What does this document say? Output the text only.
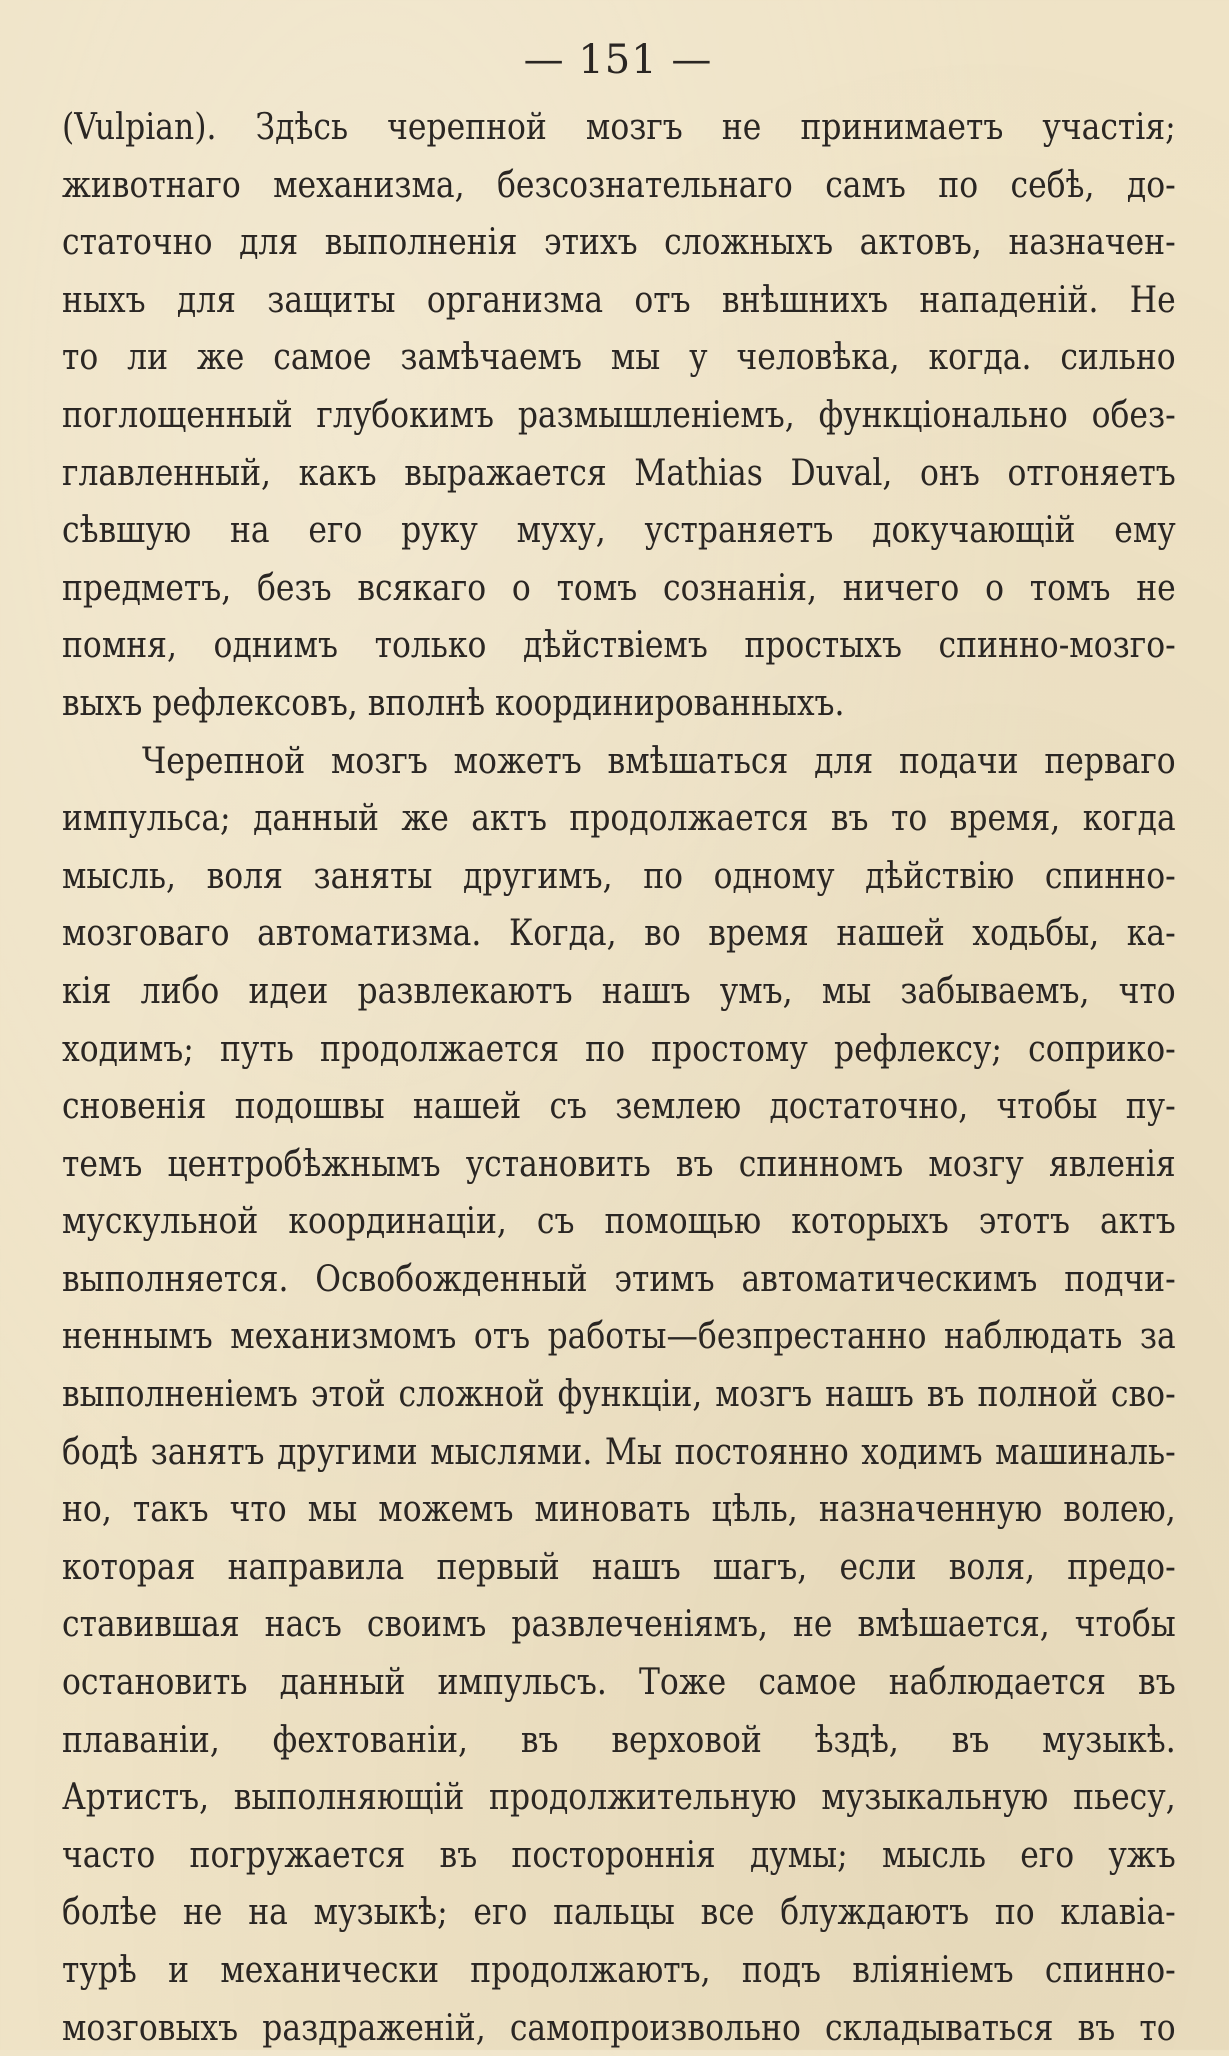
— 151 —
(Vulpian). Здѣсь черепной мозгъ не принимаетъ участія;
животнаго механизма, безсознательнаго самъ по себѣ, до-
статочно для выполненія этихъ сложныхъ актовъ, назначен-
ныхъ для защиты организма отъ внѣшнихъ нападеній. Не
то ли же самое замѣчаемъ мы у человѣка, когда. сильно
поглощенный глубокимъ размышленіемъ, функціонально обез-
главленный, какъ выражается Mathias Duval, онъ отгоняетъ
сѣвшую на его руку муху, устраняетъ докучающій ему
предметъ, безъ всякаго о томъ сознанія, ничего о томъ не
помня, однимъ только дѣйствіемъ простыхъ спинно-мозго-
выхъ рефлексовъ, вполнѣ координированныхъ.
Черепной мозгъ можетъ вмѣшаться для подачи перваго
импульса; данный же актъ продолжается въ то время, когда
мысль, воля заняты другимъ, по одному дѣйствію спинно-
мозговаго автоматизма. Когда, во время нашей ходьбы, ка-
кія либо идеи развлекаютъ нашъ умъ, мы забываемъ, что
ходимъ; путь продолжается по простому рефлексу; соприко-
сновенія подошвы нашей съ землею достаточно, чтобы пу-
темъ центробѣжнымъ установить въ спинномъ мозгу явленія
мускульной координаціи, съ помощью которыхъ этотъ актъ
выполняется. Освобожденный этимъ автоматическимъ подчи-
неннымъ механизмомъ отъ работы—безпрестанно наблюдать за
выполненіемъ этой сложной функціи, мозгъ нашъ въ полной сво-
бодѣ занятъ другими мыслями. Мы постоянно ходимъ машиналь-
но, такъ что мы можемъ миновать цѣль, назначенную волею,
которая направила первый нашъ шагъ, если воля, предо-
ставившая насъ своимъ развлеченіямъ, не вмѣшается, чтобы
остановить данный импульсъ. Тоже самое наблюдается въ
плаваніи, фехтованіи, въ верховой ѣздѣ, въ музыкѣ.
Артистъ, выполняющій продолжительную музыкальную пьесу,
часто погружается въ постороннія думы; мысль его ужъ
болѣе не на музыкѣ; его пальцы все блуждаютъ по клавіа-
турѣ и механически продолжаютъ, подъ вліяніемъ спинно-
мозговыхъ раздраженій, самопроизвольно складываться въ то
